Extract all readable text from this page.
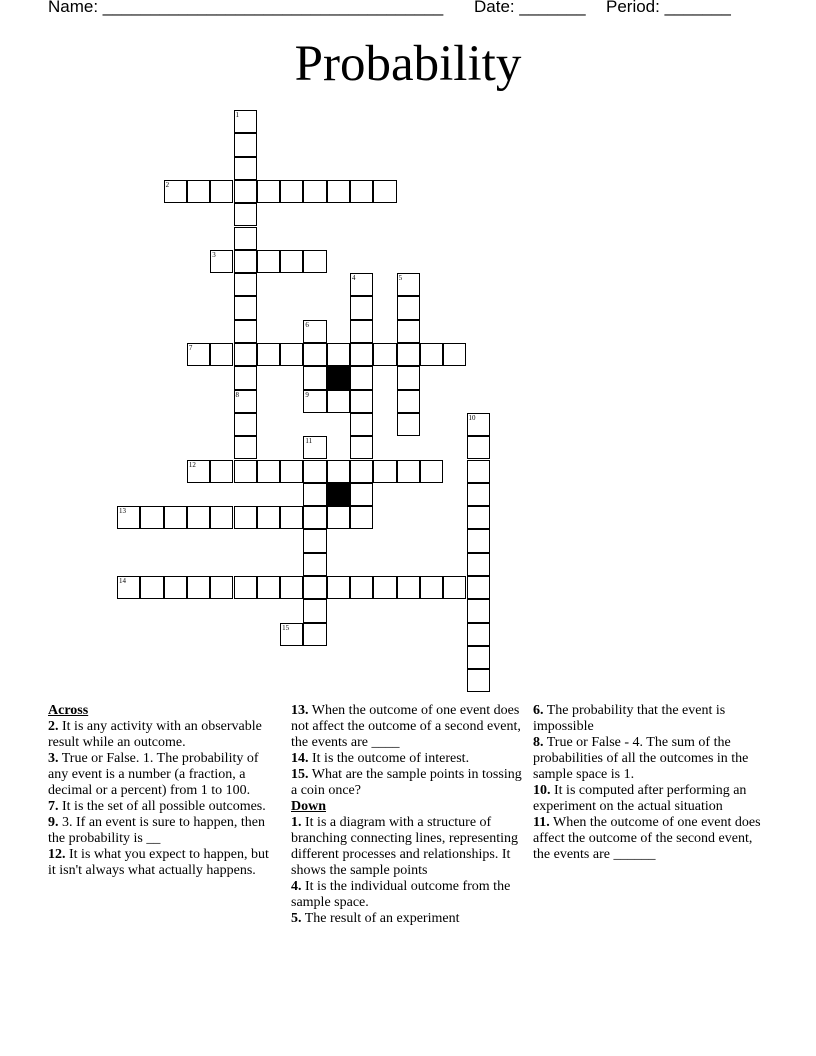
Name: ____________________________________ Date: _______ Period: _______
Probability
1
8
2
3
4	5
6
9
7
10
11
12
13
14
15
Across
2. It is any activity with an observable result while an outcome.
3. True or False. 1. The probability of any event is a number (a fraction, a decimal or a percent) from 1 to 100.
7. It is the set of all possible outcomes.
9. 3. If an event is sure to happen, then the probability is __
12. It is what you expect to happen, but it isn't always what actually happens.
13. When the outcome of one event does not affect the outcome of a second event, the events are ____
14. It is the outcome of interest.
15. What are the sample points in tossing a coin once?
Down
1. It is a diagram with a structure of branching connecting lines, representing different processes and relationships. It shows the sample points
4. It is the individual outcome from the sample space.
5. The result of an experiment
6. The probability that the event is impossible
8. True or False - 4. The sum of the probabilities of all the outcomes in the sample space is 1.
10. It is computed after performing an experiment on the actual situation
11. When the outcome of one event does affect the outcome of the second event, the events are ______
